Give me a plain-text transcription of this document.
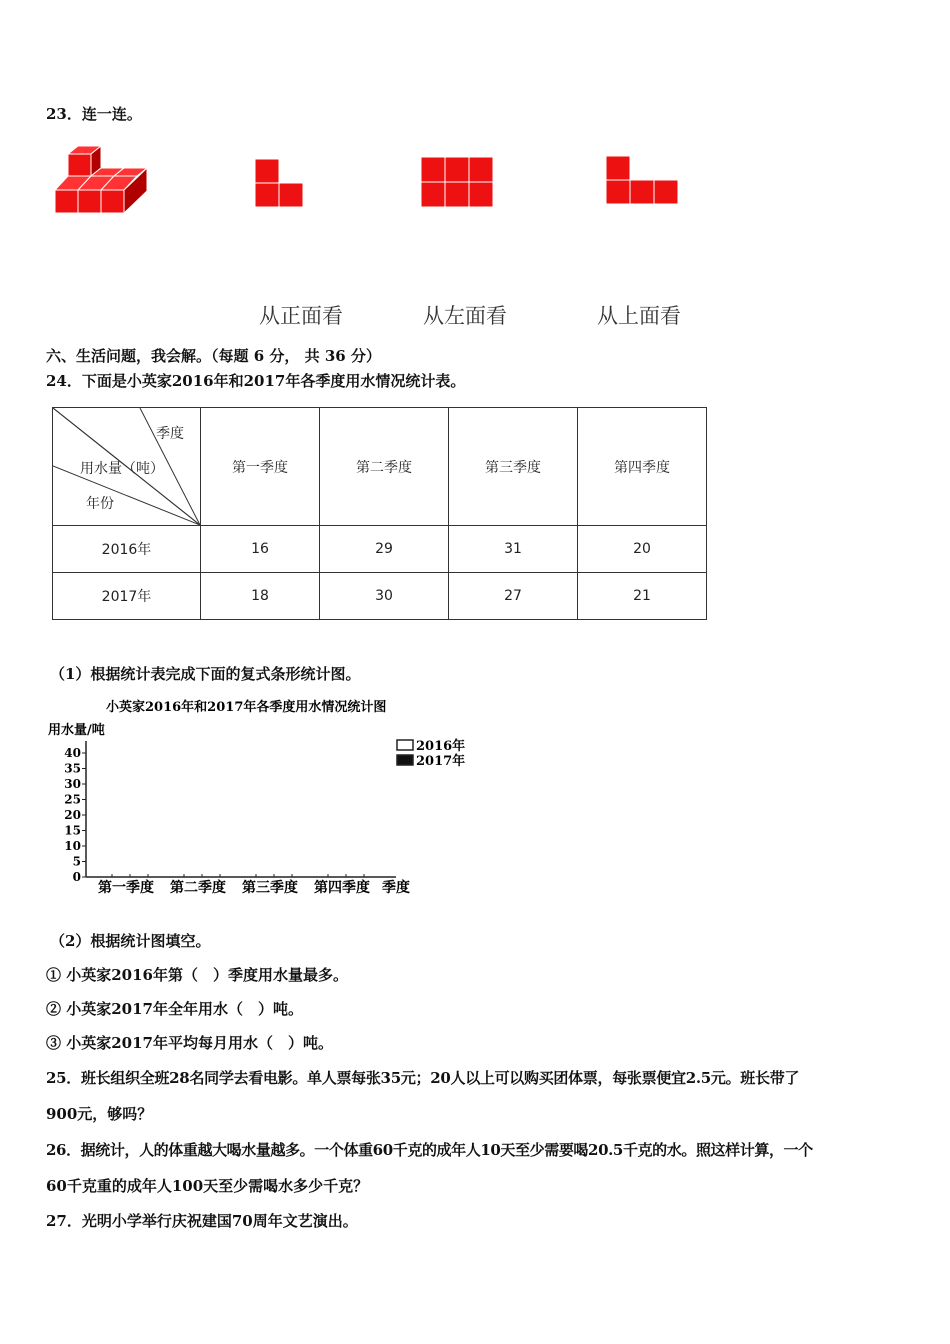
23．连一连。
从正面看	从左面看	从上面看
六、生活问题，我会解。（每题 6 分， 共 36 分）
24．下面是小英家2016年和2017年各季度用水情况统计表。
季度
用水量（吨）
年份	第一季度	第二季度	第三季度	第四季度
2016年	16	29	31	20
2017年	18	30	27	21
（1）根据统计表完成下面的复式条形统计图。
小英家2016年和2017年各季度用水情况统计图
用水量/吨
0
5
10
15
20
25
30
35
40
第一季度 第二季度 第三季度 第四季度 季度
2016年
2017年
（2）根据统计图填空。
① 小英家2016年第（　）季度用水量最多。
② 小英家2017年全年用水（　）吨。
③ 小英家2017年平均每月用水（　）吨。
25．班长组织全班28名同学去看电影。单人票每张35元；20人以上可以购买团体票，每张票便宜2.5元。班长带了
900元，够吗？
26．据统计，人的体重越大喝水量越多。一个体重60千克的成年人10天至少需要喝20.5千克的水。照这样计算，一个
60千克重的成年人100天至少需喝水多少千克？
27．光明小学举行庆祝建国70周年文艺演出。
